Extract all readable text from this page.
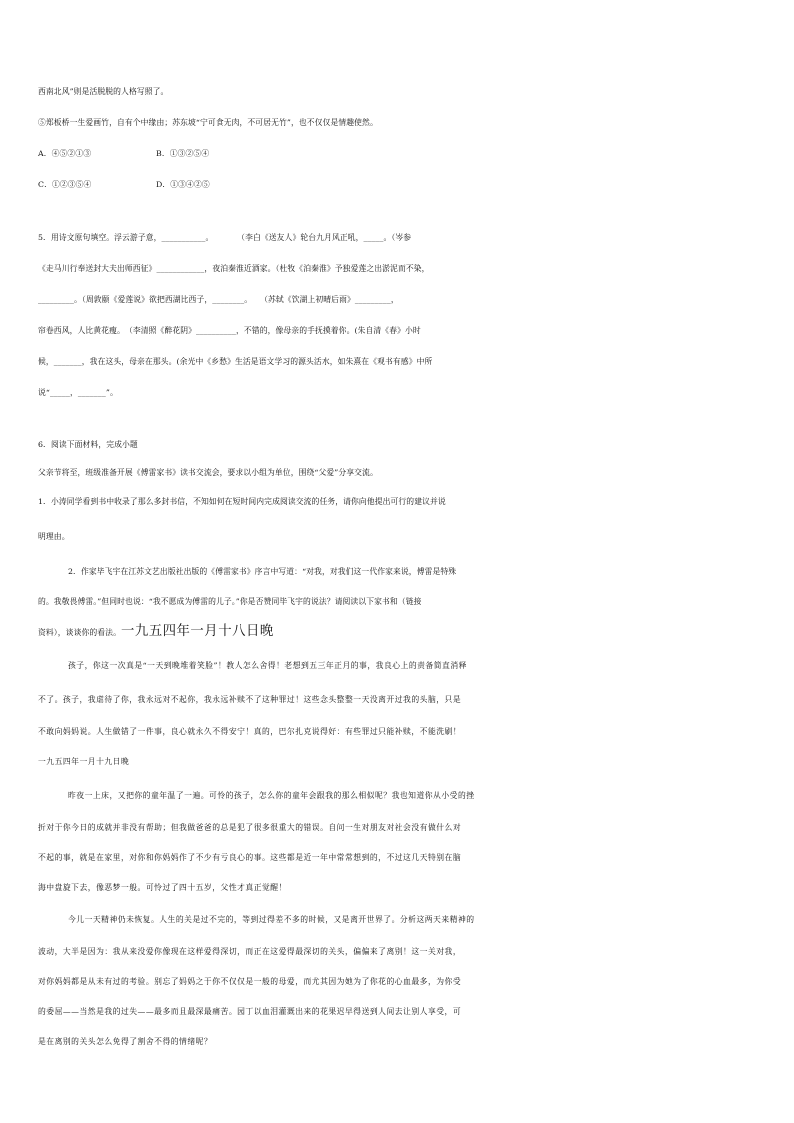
西南北风”则是活脱脱的人格写照了。
⑤郑板桥一生爱画竹，自有个中缘由；苏东坡“宁可食无肉，不可居无竹”，也不仅仅是情趣使然。
A．④⑤②①③	B．①③②⑤④
C．①②③⑤④	D．①③④②⑤
5．用诗文原句填空。浮云游子意，___________。　　　　（李白《送友人》轮台九月风正吼，_____。（岑参
《走马川行奉送封大夫出师西征》____________，夜泊秦淮近酒家。（杜牧《泊秦淮》予独爱莲之出淤泥而不染，
_________。（周敦颐《爱莲说》欲把西湖比西子，________。　　（苏轼《饮湖上初晴后雨》_________，
帘卷西风，人比黄花瘦。　（李清照《醉花阴》__________，不错的，像母亲的手抚摸着你。(朱自清《春》小时
候，_______，我在这头，母亲在那头。(余光中《乡愁》生活是语文学习的源头活水，如朱熹在《观书有感》中所
说“_____，_______”。
6．阅读下面材料，完成小题
父亲节将至，班级准备开展《傅雷家书》读书交流会，要求以小组为单位，围绕“父爱”分享交流。
1．小涛同学看到书中收录了那么多封书信，不知如何在短时间内完成阅读交流的任务，请你向他提出可行的建议并说
明理由。
2．作家毕飞宇在江苏文艺出版社出版的《傅雷家书》序言中写道：“对我，对我们这一代作家来说，傅雷是特殊
的。我敬畏傅雷。”但同时也说：“我不愿成为傅雷的儿子。”你是否赞同毕飞宇的说法？请阅读以下家书和（链接
资料），谈谈你的看法。一九五四年一月十八日晚
孩子，你这一次真是“一天到晚堆着笑脸”！教人怎么舍得！老想到五三年正月的事，我良心上的责备简直消释
不了。孩子，我虐待了你，我永远对不起你，我永远补赎不了这种罪过！这些念头整整一天没离开过我的头脑，只是
不敢向妈妈说。人生做错了一件事，良心就永久不得安宁！真的，巴尔扎克说得好：有些罪过只能补赎，不能洗刷！
一九五四年一月十九日晚
昨夜一上床，又把你的童年温了一遍。可怜的孩子，怎么你的童年会跟我的那么相似呢？我也知道你从小受的挫
折对于你今日的成就并非没有帮助；但我做爸爸的总是犯了很多很重大的错误。自问一生对朋友对社会没有做什么对
不起的事，就是在家里，对你和你妈妈作了不少有亏良心的事。这些都是近一年中常常想到的，不过这几天特别在脑
海中盘旋下去，像恶梦一般。可怜过了四十五岁，父性才真正觉醒！
今儿一天精神仍未恢复。人生的关是过不完的，等到过得差不多的时候，又是离开世界了。分析这两天来精神的
波动，大半是因为：我从来没爱你像现在这样爱得深切，而正在这爱得最深切的关头，偏偏来了离别！这一关对我，
对你妈妈都是从未有过的考验。别忘了妈妈之于你不仅仅是一般的母爱，而尤其因为她为了你花的心血最多，为你受
的委屈——当然是我的过失——最多而且最深最痛苦。园丁以血泪灌溉出来的花果迟早得送到人间去让别人享受，可
是在离别的关头怎么免得了割舍不得的情绪呢？
